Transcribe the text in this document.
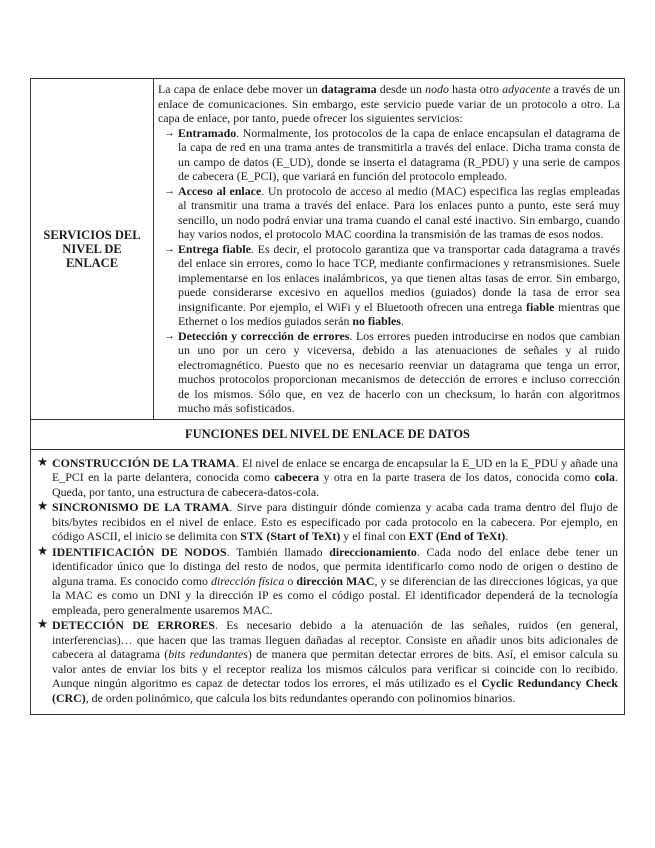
SERVICIOS DEL NIVEL DE ENLACE	

La capa de enlace debe mover un datagrama desde un nodo hasta otro adyacente a través de un enlace de comunicaciones. Sin embargo, este servicio puede variar de un protocolo a otro. La capa de enlace, por tanto, puede ofrecer los siguientes servicios:

→ Entramado. Normalmente, los protocolos de la capa de enlace encapsulan el datagrama de la capa de red en una trama antes de transmitirla a través del enlace. Dicha trama consta de un campo de datos (E_UD), donde se inserta el datagrama (R_PDU) y una serie de campos de cabecera (E_PCI), que variará en función del protocolo empleado.
→ Acceso al enlace. Un protocolo de acceso al medio (MAC) especifica las reglas empleadas al transmitir una trama a través del enlace. Para los enlaces punto a punto, este será muy sencillo, un nodo podrá enviar una trama cuando el canal esté inactivo. Sin embargo, cuando hay varios nodos, el protocolo MAC coordina la transmisión de las tramas de esos nodos.
→ Entrega fiable. Es decir, el protocolo garantiza que va transportar cada datagrama a través del enlace sin errores, como lo hace TCP, mediante confirmaciones y retransmisiones. Suele implementarse en los enlaces inalámbricos, ya que tienen altas tasas de error. Sin embargo, puede considerarse excesivo en aquellos medios (guiados) donde la tasa de error sea insignificante. Por ejemplo, el WiFi y el Bluetooth ofrecen una entrega fiable mientras que Ethernet o los medios guiados serán no fiables.
→ Detección y corrección de errores. Los errores pueden introducirse en nodos que cambian un uno por un cero y viceversa, debido a las atenuaciones de señales y al ruido electromagnético. Puesto que no es necesario reenviar un datagrama que tenga un error, muchos protocolos proporcionan mecanismos de detección de errores e incluso corrección de los mismos. Sólo que, en vez de hacerlo con un checksum, lo harán con algoritmos mucho más sofisticados.

FUNCIONES DEL NIVEL DE ENLACE DE DATOS

★ CONSTRUCCIÓN DE LA TRAMA. El nivel de enlace se encarga de encapsular la E_UD en la E_PDU y añade una E_PCI en la parte delantera, conocida como cabecera y otra en la parte trasera de los datos, conocida como cola. Queda, por tanto, una estructura de cabecera-datos-cola.
★ SINCRONISMO DE LA TRAMA. Sirve para distinguir dónde comienza y acaba cada trama dentro del flujo de bits/bytes recibidos en el nivel de enlace. Esto es especificado por cada protocolo en la cabecera. Por ejemplo, en código ASCII, el inicio se delimita con STX (Start of TeXt) y el final con EXT (End of TeXt).
★ IDENTIFICACIÓN DE NODOS. También llamado direccionamiento. Cada nodo del enlace debe tener un identificador único que lo distinga del resto de nodos, que permita identificarlo como nodo de origen o destino de alguna trama. Es conocido como dirección física o dirección MAC, y se diferencian de las direcciones lógicas, ya que la MAC es como un DNI y la dirección IP es como el código postal. El identificador dependerá de la tecnología empleada, pero generalmente usaremos MAC.
★ DETECCIÓN DE ERRORES. Es necesario debido a la atenuación de las señales, ruidos (en general, interferencias)… que hacen que las tramas lleguen dañadas al receptor. Consiste en añadir unos bits adicionales de cabecera al datagrama (bits redundantes) de manera que permitan detectar errores de bits. Así, el emisor calcula su valor antes de enviar los bits y el receptor realiza los mismos cálculos para verificar si coincide con lo recibido. Aunque ningún algoritmo es capaz de detectar todos los errores, el más utilizado es el Cyclic Redundancy Check (CRC), de orden polinómico, que calcula los bits redundantes operando con polinomios binarios.
